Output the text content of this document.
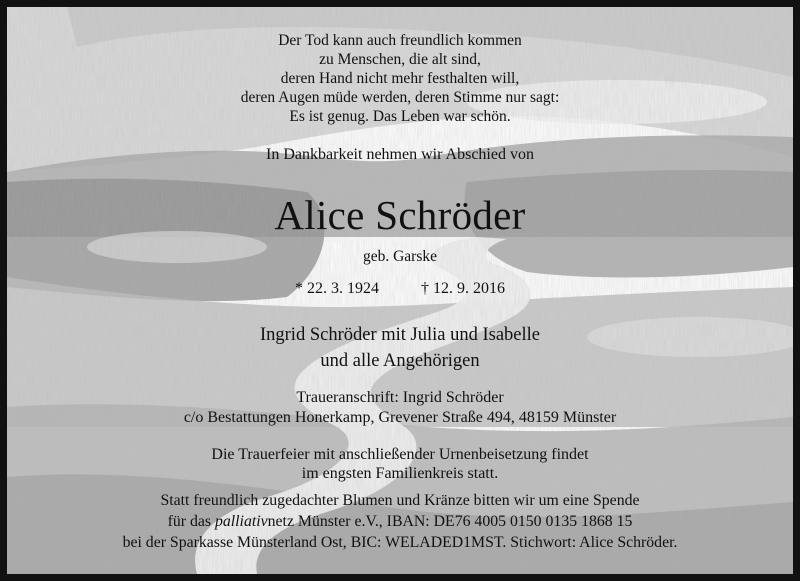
Der Tod kann auch freundlich kommen
zu Menschen, die alt sind,
deren Hand nicht mehr festhalten will,
deren Augen müde werden, deren Stimme nur sagt:
Es ist genug. Das Leben war schön.
In Dankbarkeit nehmen wir Abschied von
Alice Schröder
geb. Garske
* 22. 3. 1924	† 12. 9. 2016
Ingrid Schröder mit Julia und Isabelle
und alle Angehörigen
Traueranschrift: Ingrid Schröder
c/o Bestattungen Honerkamp, Grevener Straße 494, 48159 Münster
Die Trauerfeier mit anschließender Urnenbeisetzung findet
im engsten Familienkreis statt.
Statt freundlich zugedachter Blumen und Kränze bitten wir um eine Spende
für das palliativnetz Münster e.V., IBAN: DE76 4005 0150 0135 1868 15
bei der Sparkasse Münsterland Ost, BIC: WELADED1MST. Stichwort: Alice Schröder.
